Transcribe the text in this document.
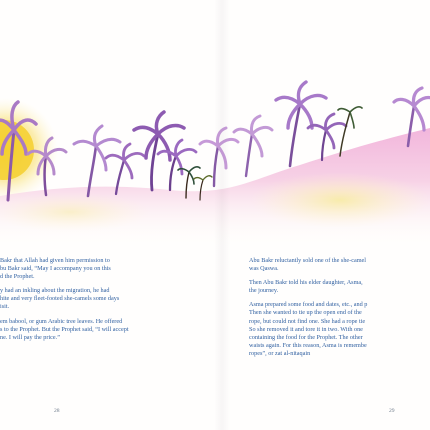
Bakr that Allah had given him permission to
bu Bakr said, “May I accompany you on this
d the Prophet.

y had an inkling about the migration, he had
hite and very fleet-footed she-camels some days
isit.

em babool, or gum Arabic tree leaves. He offered
s to the Prophet. But the Prophet said, “I will accept
ne. I will pay the price.”

Abu Bakr reluctantly sold one of the she-camel
was Qaswa.

Then Abu Bakr told his elder daughter, Asma,
the journey.

Asma prepared some food and dates, etc., and p
Then she wanted to tie up the open end of the
rope, but could not find one. She had a rope tie
So she removed it and tore it in two. With one
containing the food for the Prophet. The other
waists again. For this reason, Asma is remembe
ropes”, or zat al-nitaqain

28	29
